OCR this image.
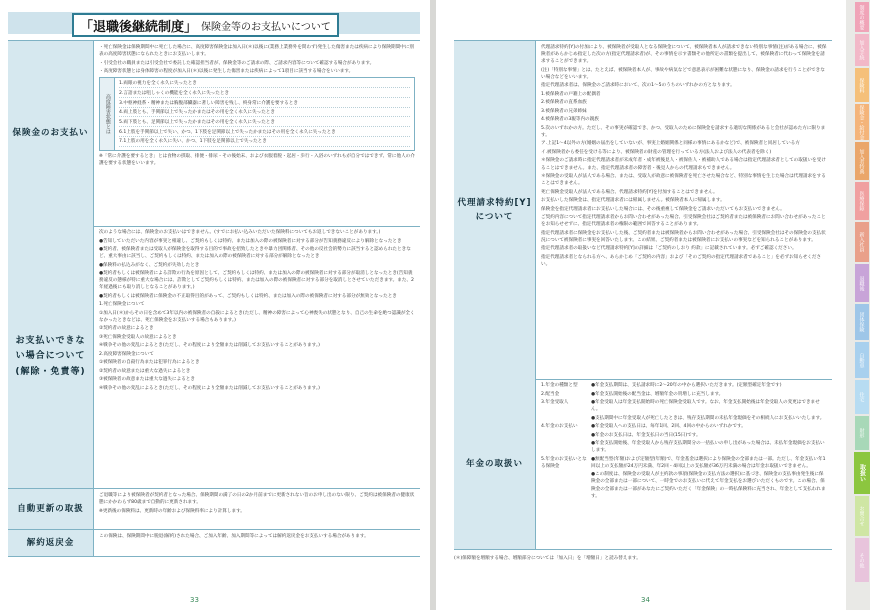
「退職後継続制度」 保険金等のお支払いについて
保険金のお支払い

・死亡保険金は保険期間中に死亡した場合に、高度障害保険金は加入日(＊)以後に(業務上業務外を問わず)発生した傷害または疾病により保険期間中に別表の高度障害状態になられたときにお支払いします。

・引受会社の職員または引受会社で委託した確認担当者が、保険金等のご請求の際、ご請求内容等について確認する場合があります。

・高度障害状態とは身体障害の程度が加入日(＊)以後に発生した傷害または疾病によって1項目に該当する場合をいいます。

高度障害状態とは

1.両眼の視力を全く永久に失ったとき

2.言語または咀しゃくの機能を全く永久に失ったとき

3.中枢神経系・精神または胸腹部臓器に著しい障害を残し、終身常に介護を要するとき

4.両上肢とも、手関節以上で失ったかまたはその用を全く永久に失ったとき

5.両下肢とも、足関節以上で失ったかまたはその用を全く永久に失ったとき

6.1上肢を手関節以上で失い、かつ、1下肢を足関節以上で失ったかまたはその用を全く永久に失ったとき

7.1上肢の用を全く永久に失い、かつ、1下肢を足関節以上で失ったとき

※「常に介護を要するとき」とは食物の摂取、排便・排尿・その後始末、および衣服着脱・起居・歩行・入浴のいずれもが自分ではできず、常に他人の介護を要する状態をいいます。

お支払いできない場合について(解除・免責等)

次のような場合には、保険金のお支払いはできません。(すでにお払い込みいただいた保険料についてもお返しできないことがあります。)

●告知していただいた内容が事実と相違し、ご契約もしくは特約、または加入の際の被保険者に対する部分が告知義務違反により解除となったとき

●契約者、被保険者または受取人が保険金を取得する目的で事故を招致したときや暴力団関係者、その他の反社会的勢力に該当すると認められたときなど、重大事由に該当し、ご契約もしくは特約、または加入の際の被保険者に対する部分が解除となったとき

●保険料の払込みがなく、ご契約が失効したとき

●契約者もしくは被保険者による詐欺の行為を原因として、ご契約もしくは特約、または加入の際の被保険者に対する部分が取消しとなったとき(告知義務違反の態様が特に重大な場合には、詐欺としてご契約もしくは特約、または加入の際の被保険者に対する部分を取消しとさせていただきます。また、2年経過後にも取り消しとなることがあります。)

●契約者もしくは被保険者に保険金の不正取得目的があって、ご契約もしくは特約、または加入の際の被保険者に対する部分が無効となったとき

1.死亡保険金について

①加入日(＊)からその日を含めて3年以内の被保険者の自殺によるとき(ただし、精神の障害によって心神喪失の状態となり、自己の生命を絶つ認識が全くなかったときなどは、死亡保険金をお支払いする場合もあります。)

②契約者の故意によるとき

③死亡保険金受取人の故意によるとき

④戦争その他の変乱によるとき(ただし、その程度により全額または削減してお支払いすることがあります。)

2.高度障害保険金について

①被保険者の自殺行為または犯罪行為によるとき

②契約者の故意または重大な過失によるとき

③被保険者の故意または重大な過失によるとき

④戦争その他の変乱によるとき(ただし、その程度により全額または削減してお支払いすることがあります。)

自動更新の取扱

ご退職等により被保険者が契約者となった場合、保険期間の満了の日の2か月前までに更新されない旨のお申し出のない限り、ご契約は被保険者の健康状態にかかわらず80歳まで自動的に更新されます。

※更新後の保険料は、更新時の年齢および保険料率により計算します。

解約返戻金

この保険は、保険期間中に脱退(解約)された場合、ご加入年齢、加入期間等によっては解約返戻金をお支払いする場合があります。

33
代理請求特約[Y]について

代理請求特約[Y]の付加により、被保険者が受取人となる保険金について、被保険者本人が請求できない特別な事情(注)がある場合に、被保険者があらかじめ指定した次の方(指定代理請求者)が、その事情を示す書類その他所定の書類を提出して、被保険者に代わって保険金を請求することができます。

(注)「特別な事情」とは、たとえば、被保険者本人が、事故や病気などで意思表示が困難な状態になり、保険金の請求を行うことができない場合などをいいます。

指定代理請求者は、保険金のご請求時において、次の1〜5のうちのいずれかの方となります。

1.被保険者の戸籍上の配偶者

2.被保険者の直系血族

3.被保険者の兄弟姉妹

4.被保険者の3親等内の親族

5.次のいずれかの方。ただし、その事実が確認でき、かつ、受取人のために保険金を請求する適切な関係があると会社が認めた方に限ります。

ア.上記1〜4以外の方(婚姻の届出をしていないが、事実上婚姻関係と同様の事情にあるかなど)で、被保険者と同居している方

イ.被保険者から委任を受ける等により、被保険者の財産の管理を行っている方(法人および法人の代表者を除く)

＊保険金のご請求時に指定代理請求者が未成年者・成年被後見人・被保佐人・被補助人である場合は指定代理請求者としての取扱いを受けることはできません。また、指定代理請求者の障害者・後見人からの代理請求もできません。

＊保険金の受取人が法人である場合、または、受取人が故意に被保険者を死亡させた場合など、特別な事情を生じた場合は代理請求をすることはできません。

死亡保険金受取人が法人である場合、代理請求特約[Y]を付加することはできません。

お支払いした保険金は、指定代理請求者には帰属しません。被保険者本人に帰属します。

保険金を指定代理請求者にお支払いした場合には、その後重複して保険金をご請求いただいてもお支払いできません。

ご契約内容について指定代理請求者からお問い合わせがあった場合、引受保険会社はご契約者または被保険者にお問い合わせがあったことをお知らせせずに、指定代理請求者の権限の範囲で回答することがあります。

指定代理請求者に保険金をお支払いした後、ご契約者または被保険者からお問い合わせがあった場合、引受保険会社はその保険金の支払状況について被保険者に事実を回答いたします。この結果、ご契約者または被保険者にお支払いの事実などを知られることがあります。

指定代理請求者の取扱いなど代理請求特約[Y]の詳細は「ご契約のしおり 約款」に記載されています。必ずご確認ください。

指定代理請求者となられる方へ、あらかじめ「ご契約の内容」および「そのご契約の指定代理請求者であること」を必ずお知らせください。

年金の取扱い
1.年金の種類と型	●年金支払期間は、支払請求時に2〜20年の中から選択いただきます。(定額型確定年金です)
2.配当金	●年金支払開始後の配当金は、増額年金の買増しに充当します。
3.年金受取人	●年金受取人は年金支払開始時の死亡保険金受取人です。なお、年金支払開始後は年金受取人の変更はできません。
●支払期間中に年金受取人が死亡したときは、残存支払期間の未払年金現価をその相続人にお支払いいたします。
4.年金のお支払い	●年金受取人への支払日は、毎年1回、2回、4回の中からのいずれかです。
●年金のお支払日は、年金支払日の当日(15日)です。
●年金支払開始後、年金受取人から残存支払期間分の一括払いの申し出があった場合は、未払年金現価をお支払いします。
5.年金のお支払いとなる保険金
●無配当型(年額)および定額型(年額)で、年金基金は選択により保険金の全部または一部。ただし、年金支払い年1回以上の支払額が24万円未満、年2回・4回以上の支払額が36万円未満の場合は年金お取扱いできません。
●この制度は、保険金の受取人が主約款の事項(保険金の支払方法の選択)に基づき、保険金の支払事由発生後に保険金の全部または一部について、一時金でのお支払いに代えて年金支払をお選びいただくものです。この場合、保険金の全部または一部があなたにご契約いただく「年金保険」の一時払保険料に充当され、年金として支払われます。
(＊)保障額を増額する場合、増額部分については「加入日」を「増額日」と読み替えます。
34
制度の概要
加入手続
保険料
保険金・給付金
加入者特典
医療保障
新入社員
退職後
団体保険
自動車
住宅
財形
取扱い
お問合せ
その他
